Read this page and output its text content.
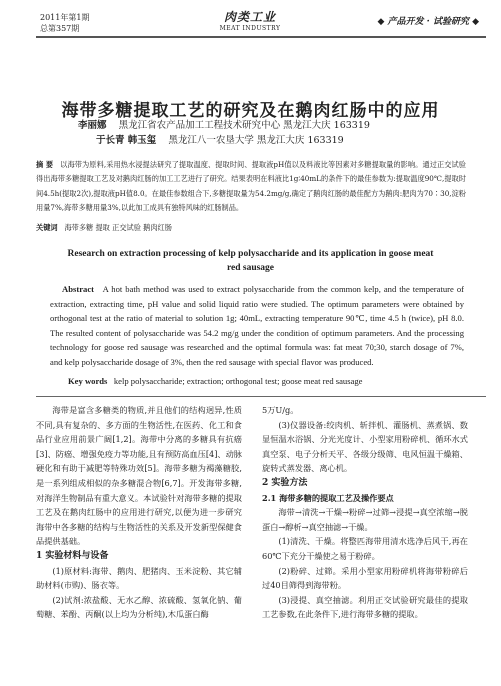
2011年第1期
总第357期
肉类工业
MEAT INDUSTRY
◆ 产品开发 · 试验研究 ◆
海带多糖提取工艺的研究及在鹅肉红肠中的应用
李丽娜 黑龙江省农产品加工工程技术研究中心 黑龙江大庆 163319
于长青 韩玉玺 黑龙江八一农垦大学 黑龙江大庆 163319
摘 要 以海带为原料,采用热水浸提法研究了提取温度、提取时间、提取液pH值以及料液比等因素对多糖提取量的影响。通过正交试验得出海带多糖提取工艺及对鹅肉红肠的加工工艺进行了研究。结果表明在料液比1g∶40mL的条件下的最佳参数为:提取温度90℃,提取时间4.5h(提取2次),提取液pH值8.0。在最佳参数组合下,多糖提取量为54.2mg/g,确定了鹅肉红肠的最佳配方为鹅肉:肥肉为70∶30,淀粉用量7%,海带多糖用量3%,以此加工成具有独特风味的红肠制品。
关键词 海带多糖 提取 正交试验 鹅肉红肠
Research on extraction processing of kelp polysaccharide and its application in goose meat red sausage
Abstract A hot bath method was used to extract polysaccharide from the common kelp, and the temperature of extraction, extracting time, pH value and solid liquid ratio were studied. The optimum parameters were obtained by orthogonal test at the ratio of material to solution 1g; 40mL, extracting temperature 90℃, time 4.5 h (twice), pH 8.0. The resulted content of polysaccharide was 54.2 mg/g under the condition of optimum parameters. And the processing technology for goose red sausage was researched and the optimal formula was: fat meat 70;30, starch dosage of 7%, and kelp polysaccharide dosage of 3%, then the red sausage with special flavor was produced.
Key words kelp polysaccharide; extraction; orthogonal test; goose meat red sausage

海带是富含多糖类的物质,并且他们的结构迥异,性质不同,具有复杂的、多方面的生物活性,在医药、化工和食品行业应用前景广阔[1,2]。海带中分离的多糖具有抗癌[3]、防癌、增强免疫力等功能,且有预防高血压[4]、动脉硬化和有助于减肥等特殊功效[5]。海带多糖为褐藻糖胶,是一系列组成相似的杂多糖混合物[6,7]。开发海带多糖,对海洋生物制品有重大意义。本试验针对海带多糖的提取工艺及在鹅肉红肠中的应用进行研究,以便为进一步研究海带中各多糖的结构与生物活性的关系及开发新型保健食品提供基础。

1 实验材料与设备

(1)原材料:海带、鹅肉、肥猪肉、玉米淀粉、其它辅助材料(市购)、肠衣等。

(2)试剂:浓盐酸、无水乙醇、浓硫酸、氢氧化钠、葡萄糖、苯酚、丙酮(以上均为分析纯),木瓜蛋白酶

5万U/g。

(3)仪器设备:绞肉机、斩拌机、灌肠机、蒸煮锅、数显恒温水浴锅、分光光度计、小型家用粉碎机、循环水式真空泵、电子分析天平、各级分级筛、电风恒温干燥箱、旋转式蒸发器、离心机。

2 实验方法

2.1 海带多糖的提取工艺及操作要点

海带→清洗→干燥→粉碎→过筛→浸提→真空浓缩→脱蛋白→醇析→真空抽滤→干燥。

(1)清洗、干燥。将整匹海带用清水选净后风干,再在60℃下充分干燥使之易于粉碎。

(2)粉碎、过筛。采用小型家用粉碎机将海带粉碎后过40目筛得到海带粉。

(3)浸提、真空抽滤。利用正交试验研究最佳的提取工艺参数,在此条件下,进行海带多糖的提取。
